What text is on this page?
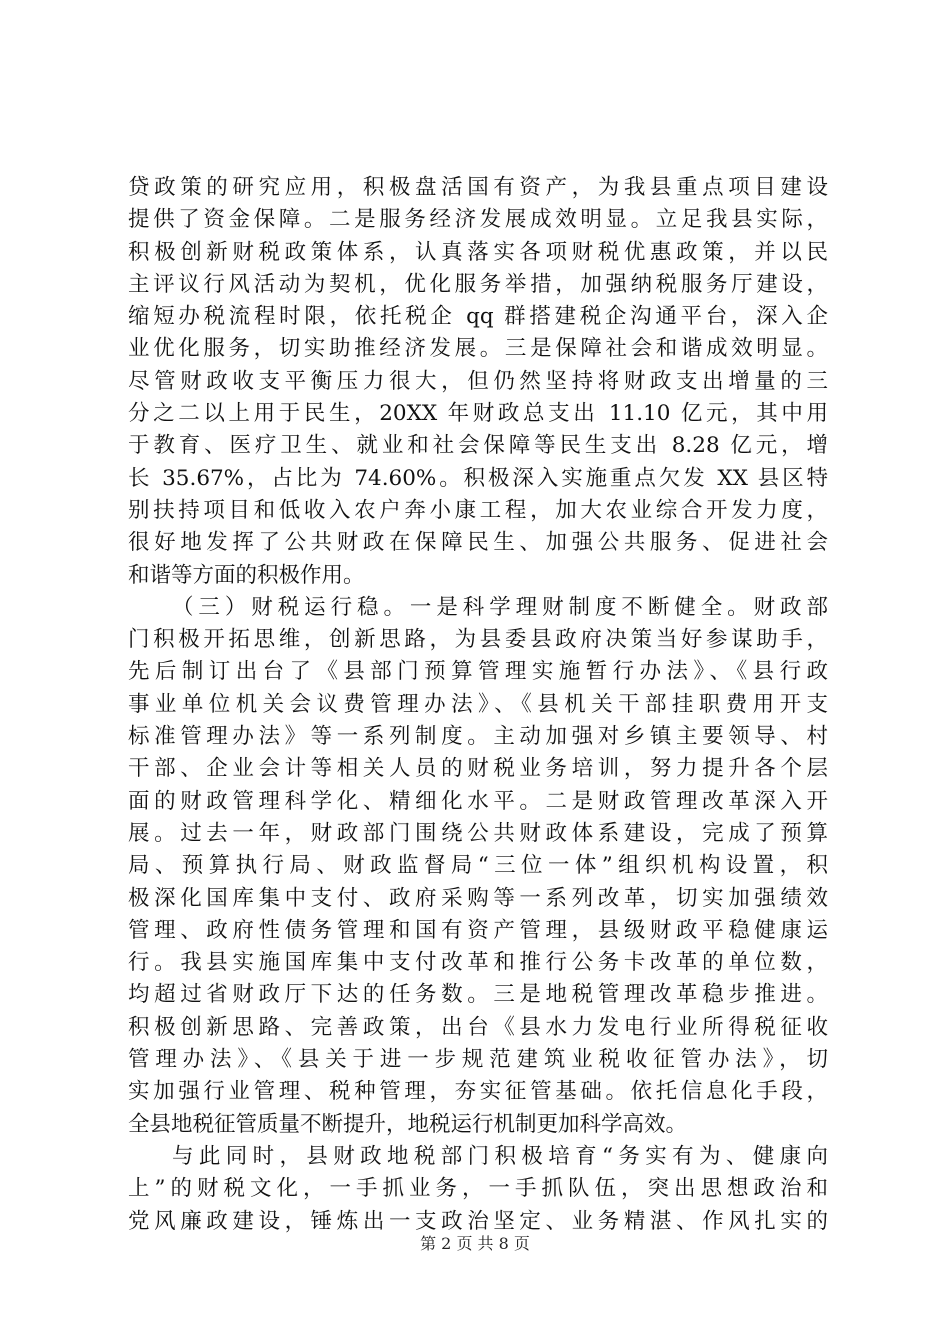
贷政策的研究应用，积极盘活国有资产，为我县重点项目建设
提供了资金保障。二是服务经济发展成效明显。立足我县实际，
积极创新财税政策体系，认真落实各项财税优惠政策，并以民
主评议行风活动为契机，优化服务举措，加强纳税服务厅建设，
缩短办税流程时限，依托税企 qq 群搭建税企沟通平台，深入企
业优化服务，切实助推经济发展。三是保障社会和谐成效明显。
尽管财政收支平衡压力很大，但仍然坚持将财政支出增量的三
分之二以上用于民生，20XX 年财政总支出 11.10 亿元，其中用
于教育、医疗卫生、就业和社会保障等民生支出 8.28 亿元，增
长 35.67%，占比为 74.60%。积极深入实施重点欠发 XX 县区特
别扶持项目和低收入农户奔小康工程，加大农业综合开发力度，
很好地发挥了公共财政在保障民生、加强公共服务、促进社会
和谐等方面的积极作用。
（三）财税运行稳。一是科学理财制度不断健全。财政部
门积极开拓思维，创新思路，为县委县政府决策当好参谋助手，
先后制订出台了《县部门预算管理实施暂行办法》、《县行政
事业单位机关会议费管理办法》、《县机关干部挂职费用开支
标准管理办法》等一系列制度。主动加强对乡镇主要领导、村
干部、企业会计等相关人员的财税业务培训，努力提升各个层
面的财政管理科学化、精细化水平。二是财政管理改革深入开
展。过去一年，财政部门围绕公共财政体系建设，完成了预算
局、预算执行局、财政监督局“三位一体”组织机构设置，积
极深化国库集中支付、政府采购等一系列改革，切实加强绩效
管理、政府性债务管理和国有资产管理，县级财政平稳健康运
行。我县实施国库集中支付改革和推行公务卡改革的单位数，
均超过省财政厅下达的任务数。三是地税管理改革稳步推进。
积极创新思路、完善政策，出台《县水力发电行业所得税征收
管理办法》、《县关于进一步规范建筑业税收征管办法》，切
实加强行业管理、税种管理，夯实征管基础。依托信息化手段，
全县地税征管质量不断提升，地税运行机制更加科学高效。
与此同时，县财政地税部门积极培育“务实有为、健康向
上”的财税文化，一手抓业务，一手抓队伍，突出思想政治和
党风廉政建设，锤炼出一支政治坚定、业务精湛、作风扎实的
第 2 页 共 8 页
